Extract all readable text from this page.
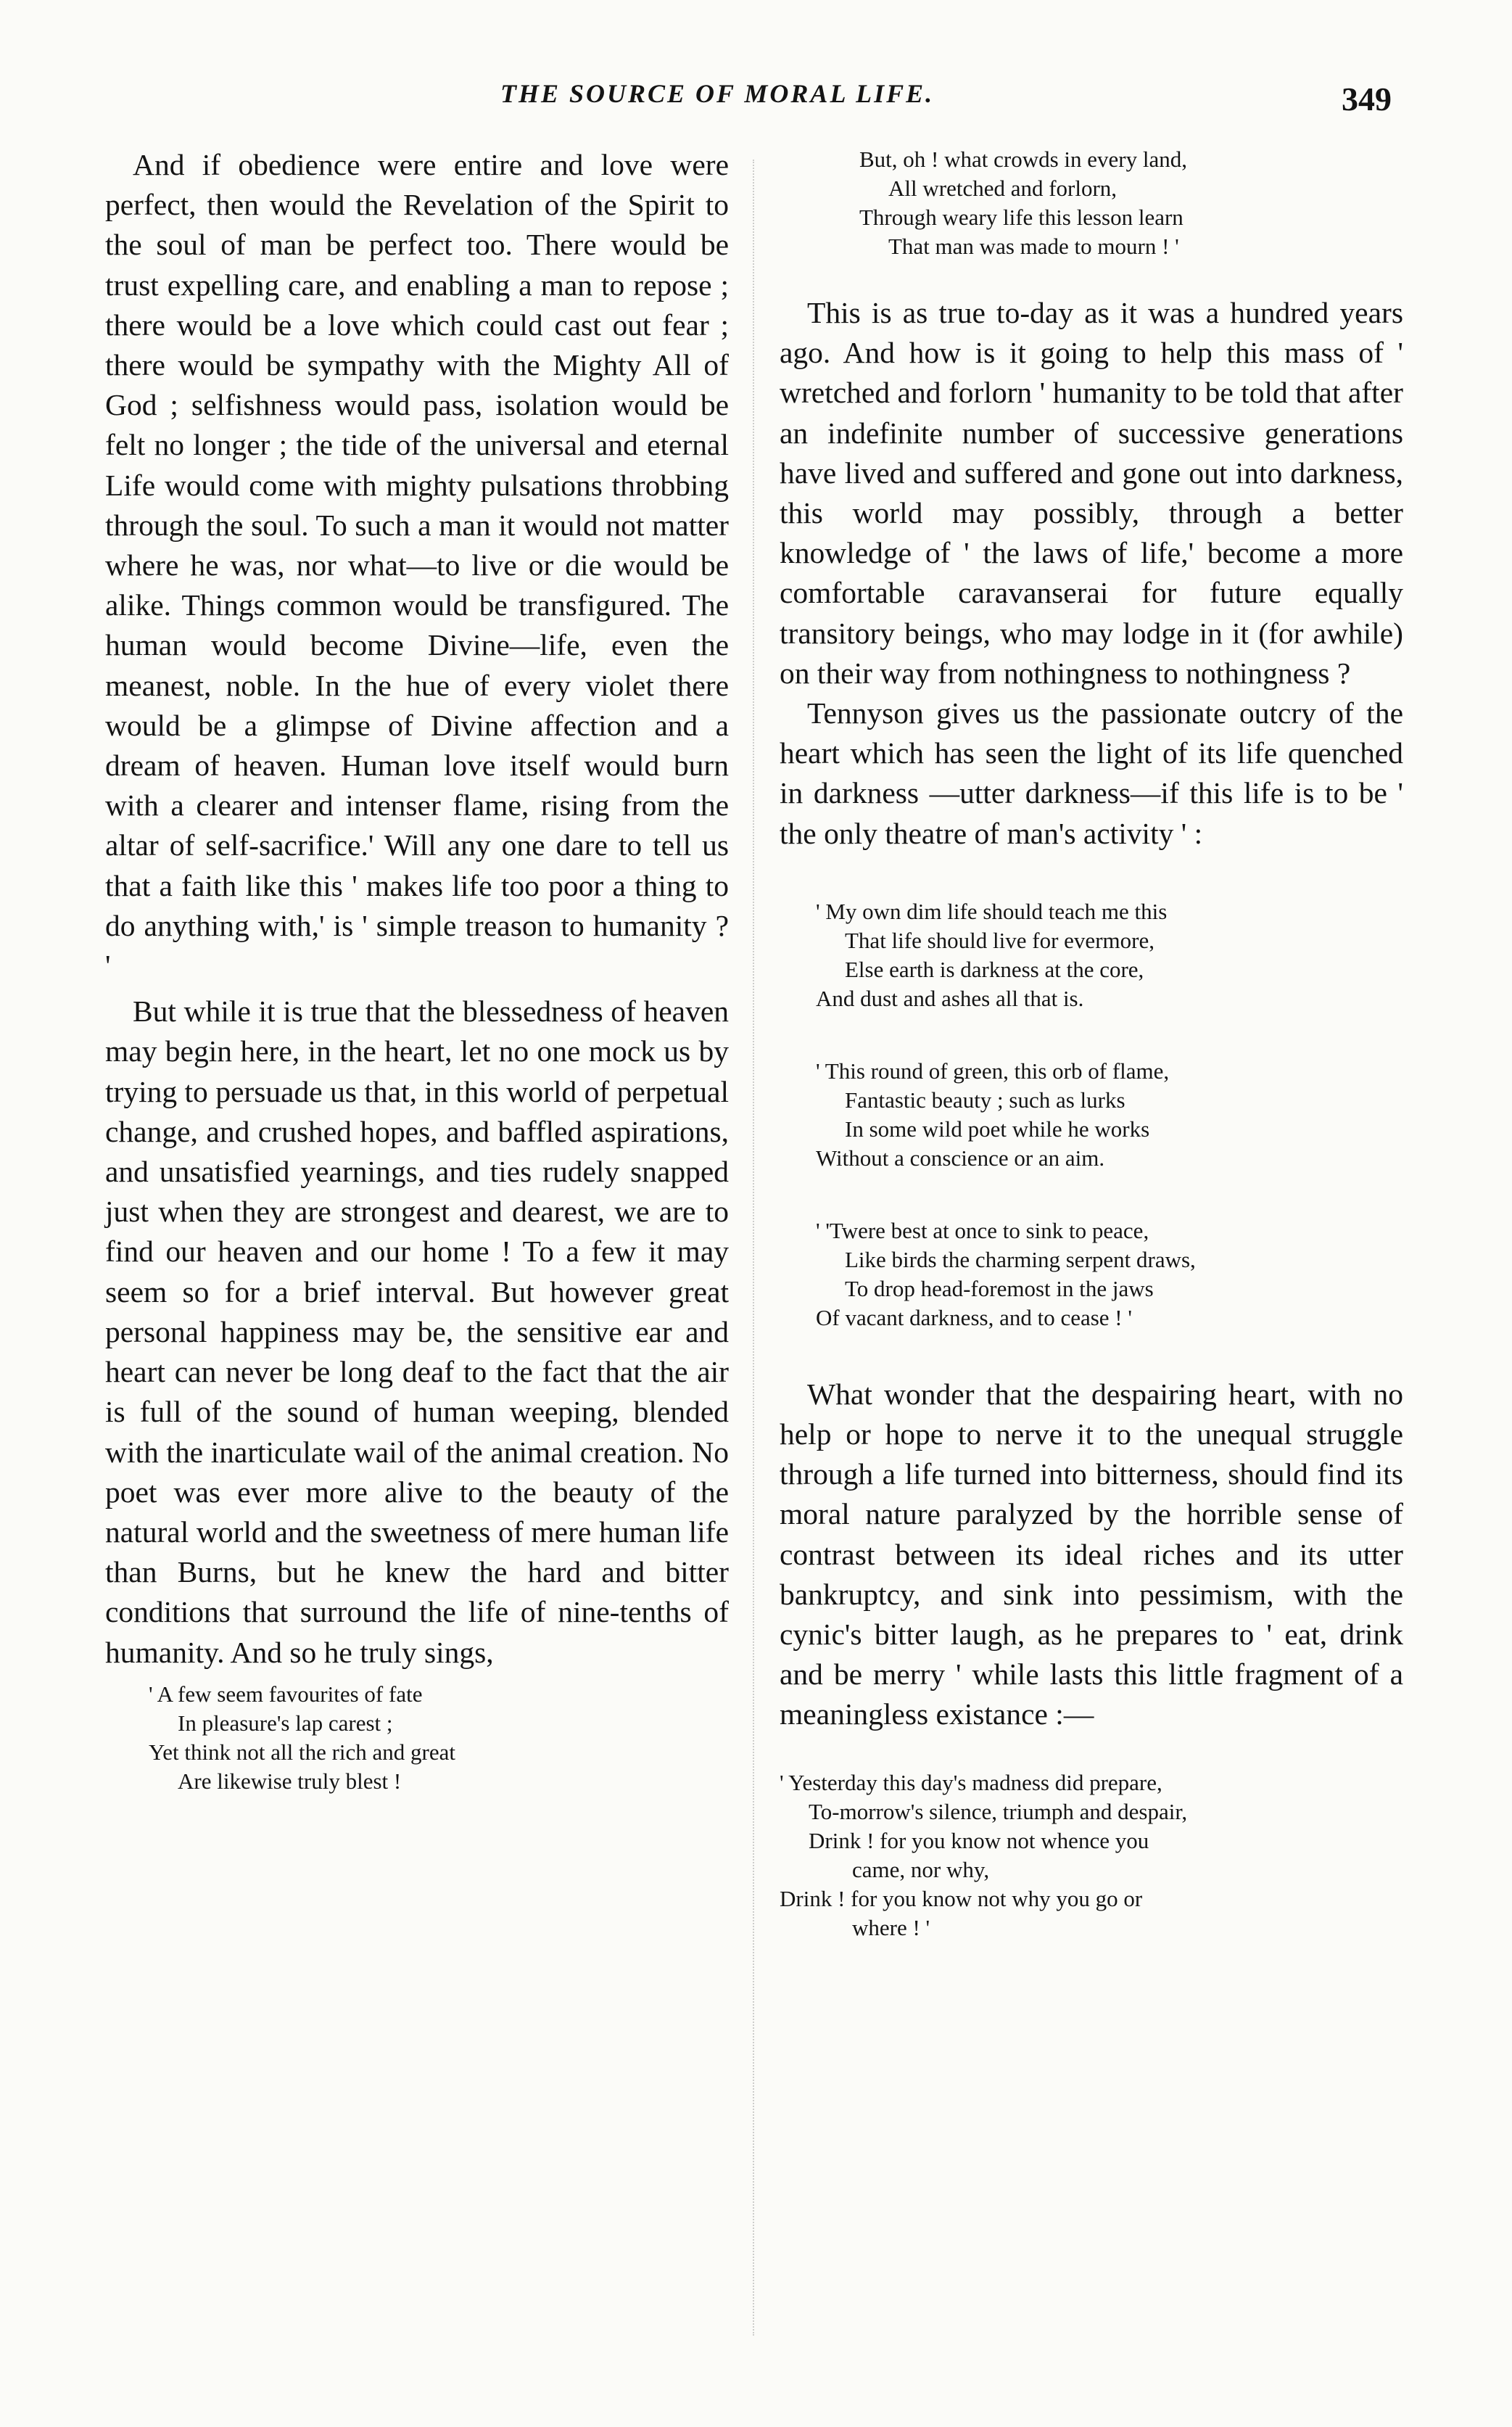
THE SOURCE OF MORAL LIFE.	349

And if obedience were entire and love were perfect, then would the Revelation of the Spirit to the soul of man be perfect too. There would be trust expelling care, and enabling a man to repose ; there would be a love which could cast out fear ; there would be sympathy with the Mighty All of God ; selfishness would pass, isolation would be felt no longer ; the tide of the universal and eternal Life would come with mighty pulsations throbbing through the soul. To such a man it would not matter where he was, nor what—to live or die would be alike. Things common would be transfigured. The human would become Divine—life, even the meanest, noble. In the hue of every violet there would be a glimpse of Divine affection and a dream of heaven. Human love itself would burn with a clearer and intenser flame, rising from the altar of self-sacrifice.' Will any one dare to tell us that a faith like this ' makes life too poor a thing to do anything with,' is ' simple treason to humanity ? '

But while it is true that the blessedness of heaven may begin here, in the heart, let no one mock us by trying to persuade us that, in this world of perpetual change, and crushed hopes, and baffled aspirations, and unsatisfied yearnings, and ties rudely snapped just when they are strongest and dearest, we are to find our heaven and our home ! To a few it may seem so for a brief interval. But however great personal happiness may be, the sensitive ear and heart can never be long deaf to the fact that the air is full of the sound of human weeping, blended with the inarticulate wail of the animal creation. No poet was ever more alive to the beauty of the natural world and the sweetness of mere human life than Burns, but he knew the hard and bitter conditions that surround the life of nine-tenths of humanity. And so he truly sings,

' A few seem favourites of fate
In pleasure's lap carest ;
Yet think not all the rich and great
Are likewise truly blest !
But, oh ! what crowds in every land,
All wretched and forlorn,
Through weary life this lesson learn
That man was made to mourn ! '

This is as true to-day as it was a hundred years ago. And how is it going to help this mass of ' wretched and forlorn ' humanity to be told that after an indefinite number of successive generations have lived and suffered and gone out into darkness, this world may possibly, through a better knowledge of ' the laws of life,' become a more comfortable caravanserai for future equally transitory beings, who may lodge in it (for awhile) on their way from nothingness to nothingness ?

Tennyson gives us the passionate outcry of the heart which has seen the light of its life quenched in darkness —utter darkness—if this life is to be ' the only theatre of man's activity ' :

' My own dim life should teach me this
That life should live for evermore,
Else earth is darkness at the core,
And dust and ashes all that is.
' This round of green, this orb of flame,
Fantastic beauty ; such as lurks
In some wild poet while he works
Without a conscience or an aim.
' 'Twere best at once to sink to peace,
Like birds the charming serpent draws,
To drop head-foremost in the jaws
Of vacant darkness, and to cease ! '

What wonder that the despairing heart, with no help or hope to nerve it to the unequal struggle through a life turned into bitterness, should find its moral nature paralyzed by the horrible sense of contrast between its ideal riches and its utter bankruptcy, and sink into pessimism, with the cynic's bitter laugh, as he prepares to ' eat, drink and be merry ' while lasts this little fragment of a meaningless existance :—

' Yesterday this day's madness did prepare,
To-morrow's silence, triumph and despair,
Drink ! for you know not whence you
came, nor why,
Drink ! for you know not why you go or
where ! '
